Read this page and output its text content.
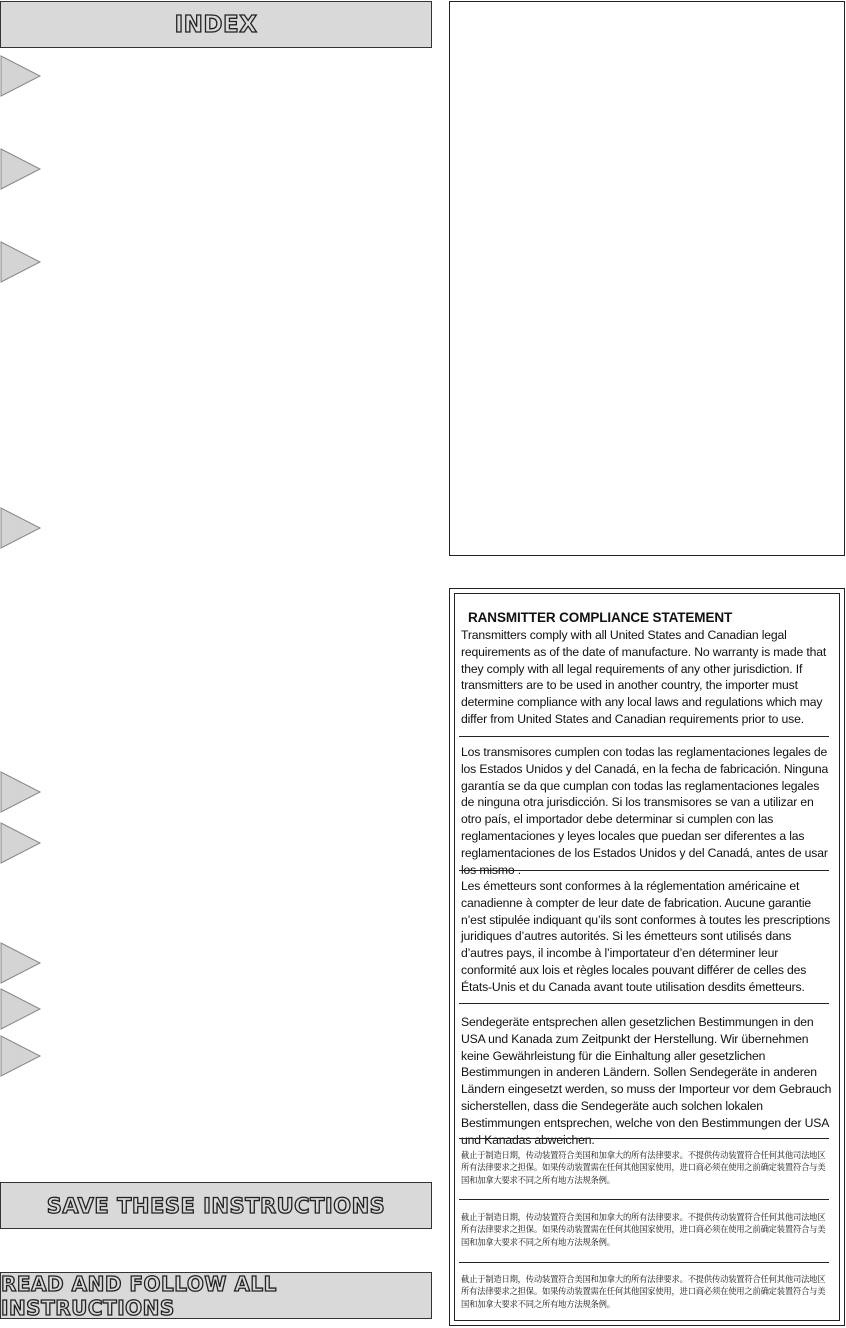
INDEX
SAVE THESE INSTRUCTIONS
READ AND FOLLOW ALL INSTRUCTIONS
RANSMITTER COMPLIANCE STATEMENT
Transmitters comply with all United States and Canadian legal requirements as of the date of manufacture. No warranty is made that they comply with all legal requirements of any other jurisdiction. If transmitters are to be used in another country, the importer must determine compliance with any local laws and regulations which may differ from United States and Canadian requirements prior to use.
Los transmisores cumplen con todas las reglamentaciones legales de los Estados Unidos y del Canadá, en la fecha de fabricación. Ninguna garantía se da que cumplan con todas las reglamentaciones legales de ninguna otra jurisdicción. Si los transmisores se van a utilizar en otro país, el importador debe determinar si cumplen con las reglamentaciones y leyes locales que puedan ser diferentes a las reglamentaciones de los Estados Unidos y del Canadá, antes de usar los mismo .
Les émetteurs sont conformes à la réglementation américaine et canadienne à compter de leur date de fabrication. Aucune garantie n’est stipulée indiquant qu’ils sont conformes à toutes les prescriptions juridiques d’autres autorités. Si les émetteurs sont utilisés dans d’autres pays, il incombe à l’importateur d’en déterminer leur conformité aux lois et règles locales pouvant différer de celles des États-Unis et du Canada avant toute utilisation desdits émetteurs.
Sendegeräte entsprechen allen gesetzlichen Bestimmungen in den USA und Kanada zum Zeitpunkt der Herstellung. Wir übernehmen keine Gewährleistung für die Einhaltung aller gesetzlichen Bestimmungen in anderen Ländern. Sollen Sendegeräte in anderen Ländern eingesetzt werden, so muss der Importeur vor dem Gebrauch sicherstellen, dass die Sendegeräte auch solchen lokalen Bestimmungen entsprechen, welche von den Bestimmungen der USA und Kanadas abweichen.
截止于制造日期，传动装置符合美国和加拿大的所有法律要求。不提供传动装置符合任何其他司法地区所有法律要求之担保。如果传动装置需在任何其他国家使用，进口商必须在使用之前确定装置符合与美国和加拿大要求不同之所有地方法规条例。
截止于制造日期，传动装置符合美国和加拿大的所有法律要求。不提供传动装置符合任何其他司法地区所有法律要求之担保。如果传动装置需在任何其他国家使用，进口商必须在使用之前确定装置符合与美国和加拿大要求不同之所有地方法规条例。
截止于制造日期，传动装置符合美国和加拿大的所有法律要求。不提供传动装置符合任何其他司法地区所有法律要求之担保。如果传动装置需在任何其他国家使用，进口商必须在使用之前确定装置符合与美国和加拿大要求不同之所有地方法规条例。
